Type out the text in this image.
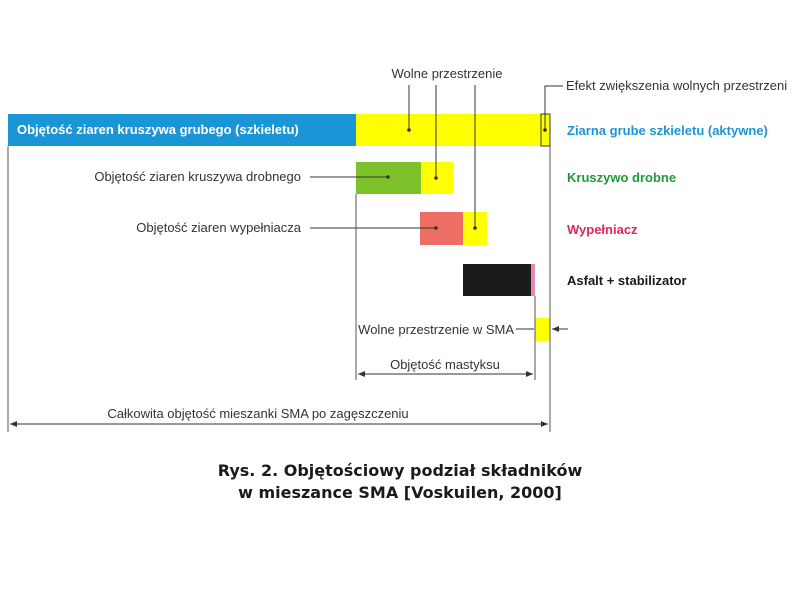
Objętość ziaren kruszywa grubego (szkieletu)
Objętość ziaren kruszywa drobnego
Objętość ziaren wypełniacza
Wolne przestrzenie w SMA
Wolne przestrzenie
Efekt zwiększenia wolnych przestrzeni
Objętość mastyksu
Całkowita objętość mieszanki SMA po zagęszczeniu
Ziarna grube szkieletu (aktywne)
Kruszywo drobne
Wypełniacz
Asfalt + stabilizator
Rys. 2. Objętościowy podział składników
w mieszance SMA [Voskuilen, 2000]
